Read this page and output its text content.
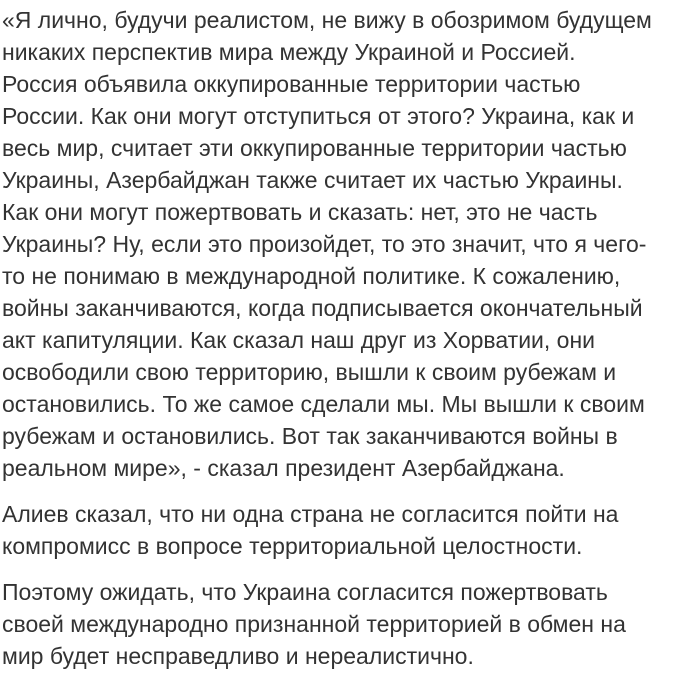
«Я лично, будучи реалистом, не вижу в обозримом будущем
никаких перспектив мира между Украиной и Россией.
Россия объявила оккупированные территории частью
России. Как они могут отступиться от этого? Украина, как и
весь мир, считает эти оккупированные территории частью
Украины, Азербайджан также считает их частью Украины.
Как они могут пожертвовать и сказать: нет, это не часть
Украины? Ну, если это произойдет, то это значит, что я чего-
то не понимаю в международной политике. К сожалению,
войны заканчиваются, когда подписывается окончательный
акт капитуляции. Как сказал наш друг из Хорватии, они
освободили свою территорию, вышли к своим рубежам и
остановились. То же самое сделали мы. Мы вышли к своим
рубежам и остановились. Вот так заканчиваются войны в
реальном мире», - сказал президент Азербайджана.
Алиев сказал, что ни одна страна не согласится пойти на
компромисс в вопросе территориальной целостности.
Поэтому ожидать, что Украина согласится пожертвовать
своей международно признанной территорией в обмен на
мир будет несправедливо и нереалистично.
